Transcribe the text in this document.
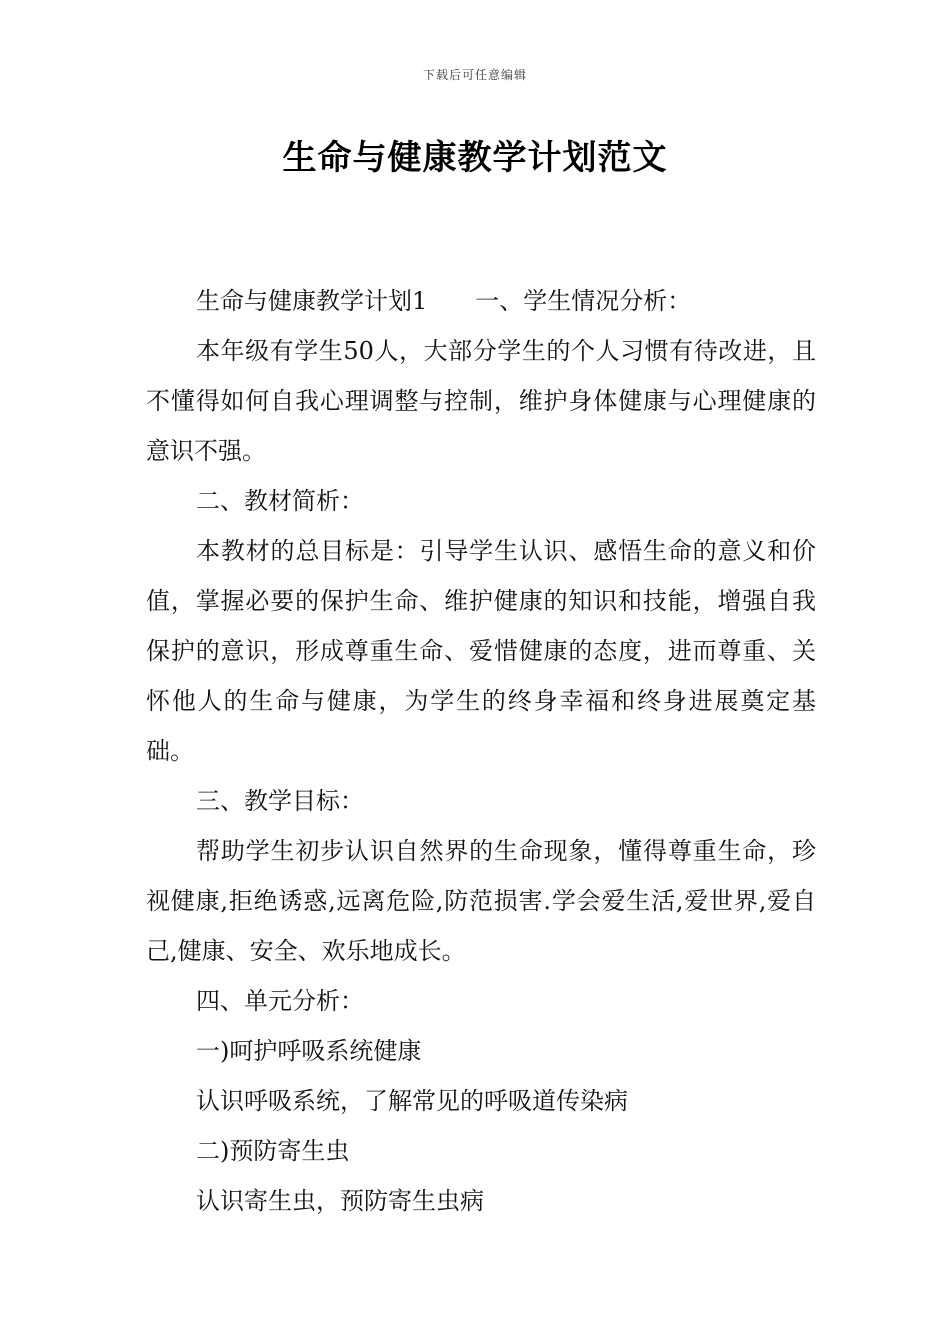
下载后可任意编辑
生命与健康教学计划范文

生命与健康教学计划1 一、学生情况分析：

本年级有学生50人，大部分学生的个人习惯有待改进，且不懂得如何自我心理调整与控制，维护身体健康与心理健康的意识不强。

二、教材简析：

本教材的总目标是：引导学生认识、感悟生命的意义和价值，掌握必要的保护生命、维护健康的知识和技能，增强自我保护的意识，形成尊重生命、爱惜健康的态度，进而尊重、关怀他人的生命与健康，为学生的终身幸福和终身进展奠定基础。

三、教学目标：

帮助学生初步认识自然界的生命现象，懂得尊重生命，珍视健康,拒绝诱惑,远离危险,防范损害.学会爱生活,爱世界,爱自己,健康、安全、欢乐地成长。

四、单元分析：

一)呵护呼吸系统健康

认识呼吸系统，了解常见的呼吸道传染病

二)预防寄生虫

认识寄生虫，预防寄生虫病
